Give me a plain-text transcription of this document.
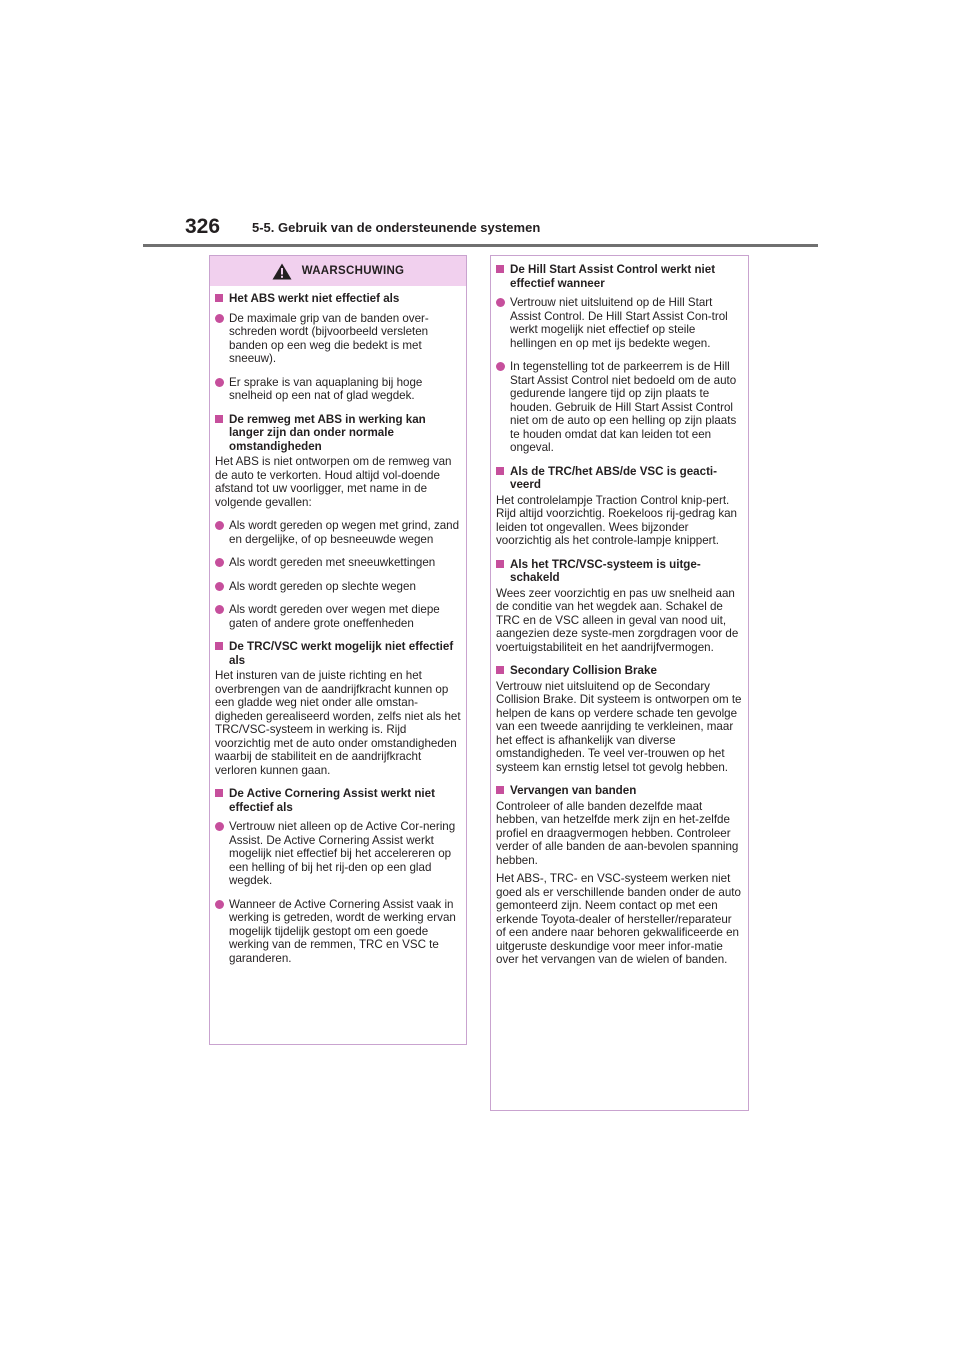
326 5-5. Gebruik van de ondersteunende systemen
WAARSCHUWING
Het ABS werkt niet effectief als
De maximale grip van de banden over-schreden wordt (bijvoorbeeld versleten banden op een weg die bedekt is met sneeuw).
Er sprake is van aquaplaning bij hoge snelheid op een nat of glad wegdek.
De remweg met ABS in werking kan langer zijn dan onder normale omstandigheden
Het ABS is niet ontworpen om de remweg van de auto te verkorten. Houd altijd vol-doende afstand tot uw voorligger, met name in de volgende gevallen:
Als wordt gereden op wegen met grind, zand en dergelijke, of op besneeuwde wegen
Als wordt gereden met sneeuwkettingen
Als wordt gereden op slechte wegen
Als wordt gereden over wegen met diepe gaten of andere grote oneffenheden
De TRC/VSC werkt mogelijk niet effectief als
Het insturen van de juiste richting en het overbrengen van de aandrijfkracht kunnen op een gladde weg niet onder alle omstan-digheden gerealiseerd worden, zelfs niet als het TRC/VSC-systeem in werking is. Rijd voorzichtig met de auto onder omstandigheden waarbij de stabiliteit en de aandrijfkracht verloren kunnen gaan.
De Active Cornering Assist werkt niet effectief als
Vertrouw niet alleen op de Active Cor-nering Assist. De Active Cornering Assist werkt mogelijk niet effectief bij het accelereren op een helling of bij het rij-den op een glad wegdek.
Wanneer de Active Cornering Assist vaak in werking is getreden, wordt de werking ervan mogelijk tijdelijk gestopt om een goede werking van de remmen, TRC en VSC te garanderen.
De Hill Start Assist Control werkt niet effectief wanneer
Vertrouw niet uitsluitend op de Hill Start Assist Control. De Hill Start Assist Con-trol werkt mogelijk niet effectief op steile hellingen en op met ijs bedekte wegen.
In tegenstelling tot de parkeerrem is de Hill Start Assist Control niet bedoeld om de auto gedurende langere tijd op zijn plaats te houden. Gebruik de Hill Start Assist Control niet om de auto op een helling op zijn plaats te houden omdat dat kan leiden tot een ongeval.
Als de TRC/het ABS/de VSC is geacti-veerd
Het controlelampje Traction Control knip-pert. Rijd altijd voorzichtig. Roekeloos rij-gedrag kan leiden tot ongevallen. Wees bijzonder voorzichtig als het controle-lampje knippert.
Als het TRC/VSC-systeem is uitge-schakeld
Wees zeer voorzichtig en pas uw snelheid aan de conditie van het wegdek aan. Schakel de TRC en de VSC alleen in geval van nood uit, aangezien deze syste-men zorgdragen voor de voertuigstabiliteit en het aandrijfvermogen.
Secondary Collision Brake
Vertrouw niet uitsluitend op de Secondary Collision Brake. Dit systeem is ontworpen om te helpen de kans op verdere schade ten gevolge van een tweede aanrijding te verkleinen, maar het effect is afhankelijk van diverse omstandigheden. Te veel ver-trouwen op het systeem kan ernstig letsel tot gevolg hebben.
Vervangen van banden
Controleer of alle banden dezelfde maat hebben, van hetzelfde merk zijn en het-zelfde profiel en draagvermogen hebben. Controleer verder of alle banden de aan-bevolen spanning hebben.
Het ABS-, TRC- en VSC-systeem werken niet goed als er verschillende banden onder de auto gemonteerd zijn. Neem contact op met een erkende Toyota-dealer of hersteller/reparateur of een andere naar behoren gekwalificeerde en uitgeruste deskundige voor meer infor-matie over het vervangen van de wielen of banden.
